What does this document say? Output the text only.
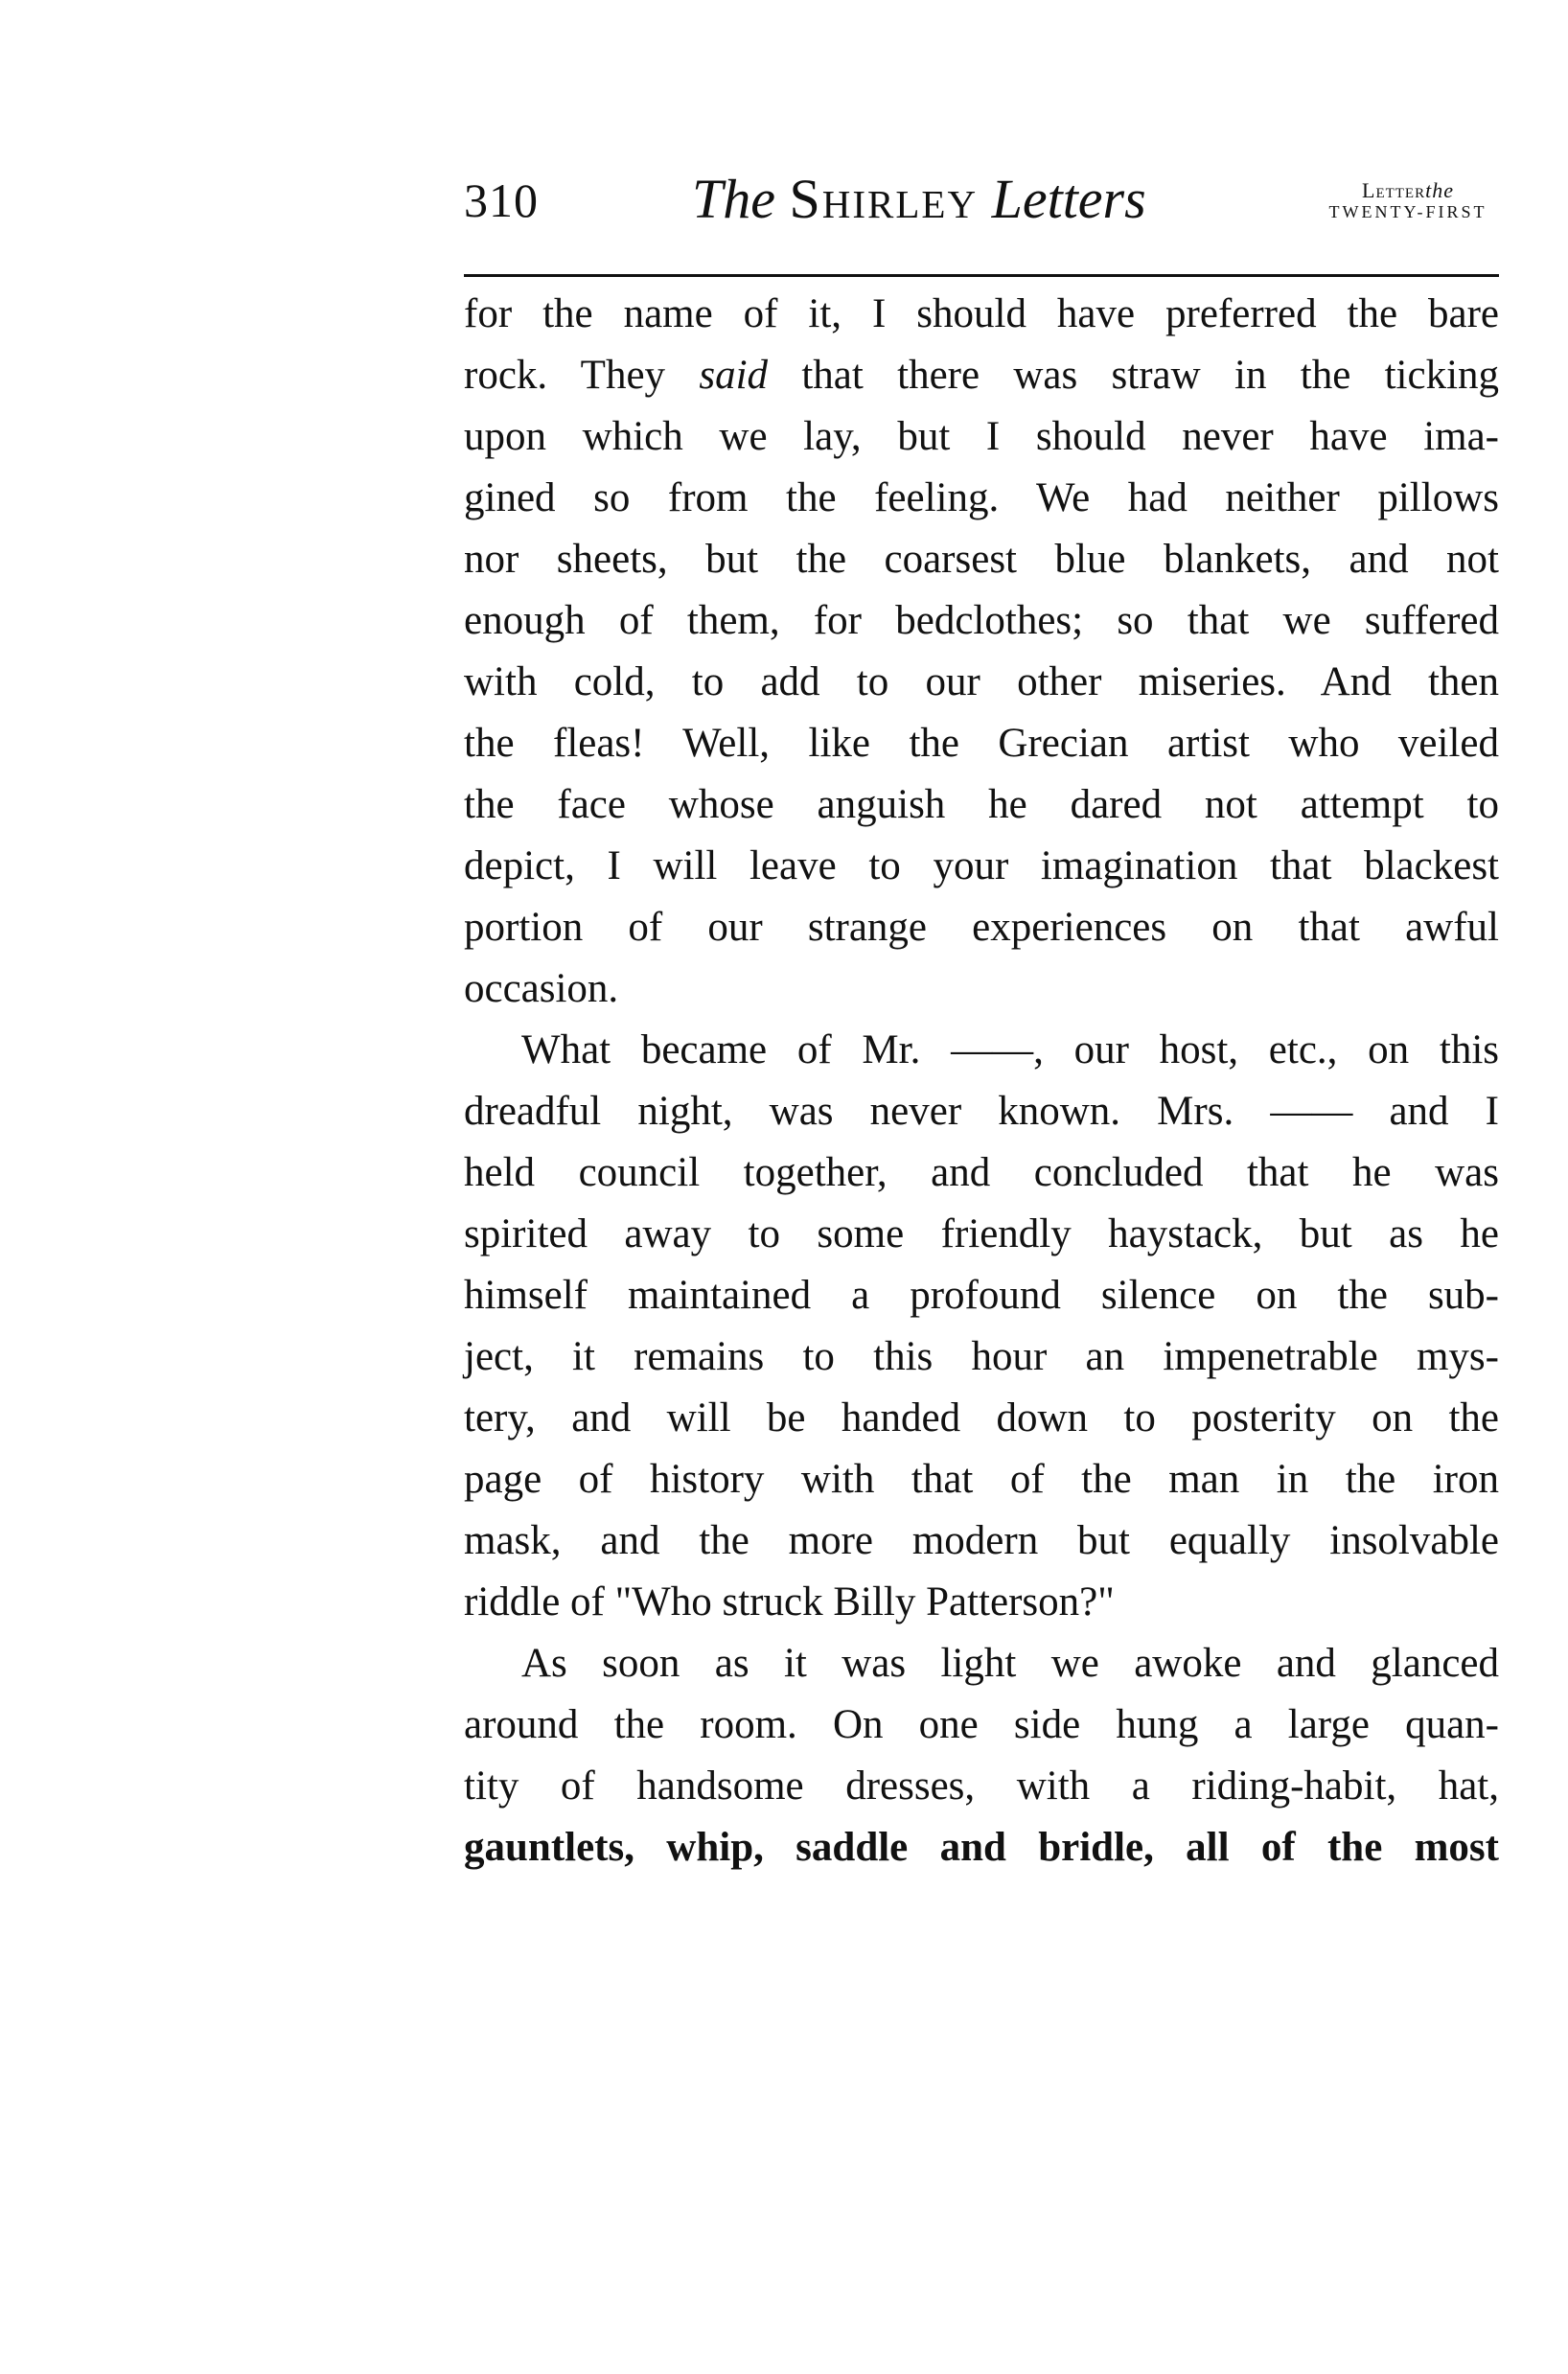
310	The Shirley Letters	Letterthe
TWENTY-FIRST
for the name of it, I should have preferred the bare
rock. They said that there was straw in the ticking
upon which we lay, but I should never have ima-
gined so from the feeling. We had neither pillows
nor sheets, but the coarsest blue blankets, and not
enough of them, for bedclothes; so that we suffered
with cold, to add to our other miseries. And then
the fleas! Well, like the Grecian artist who veiled
the face whose anguish he dared not attempt to
depict, I will leave to your imagination that blackest
portion of our strange experiences on that awful
occasion.
What became of Mr. ——, our host, etc., on this
dreadful night, was never known. Mrs. —— and I
held council together, and concluded that he was
spirited away to some friendly haystack, but as he
himself maintained a profound silence on the sub-
ject, it remains to this hour an impenetrable mys-
tery, and will be handed down to posterity on the
page of history with that of the man in the iron
mask, and the more modern but equally insolvable
riddle of "Who struck Billy Patterson?"
As soon as it was light we awoke and glanced
around the room. On one side hung a large quan-
tity of handsome dresses, with a riding-habit, hat,
gauntlets, whip, saddle and bridle, all of the most
